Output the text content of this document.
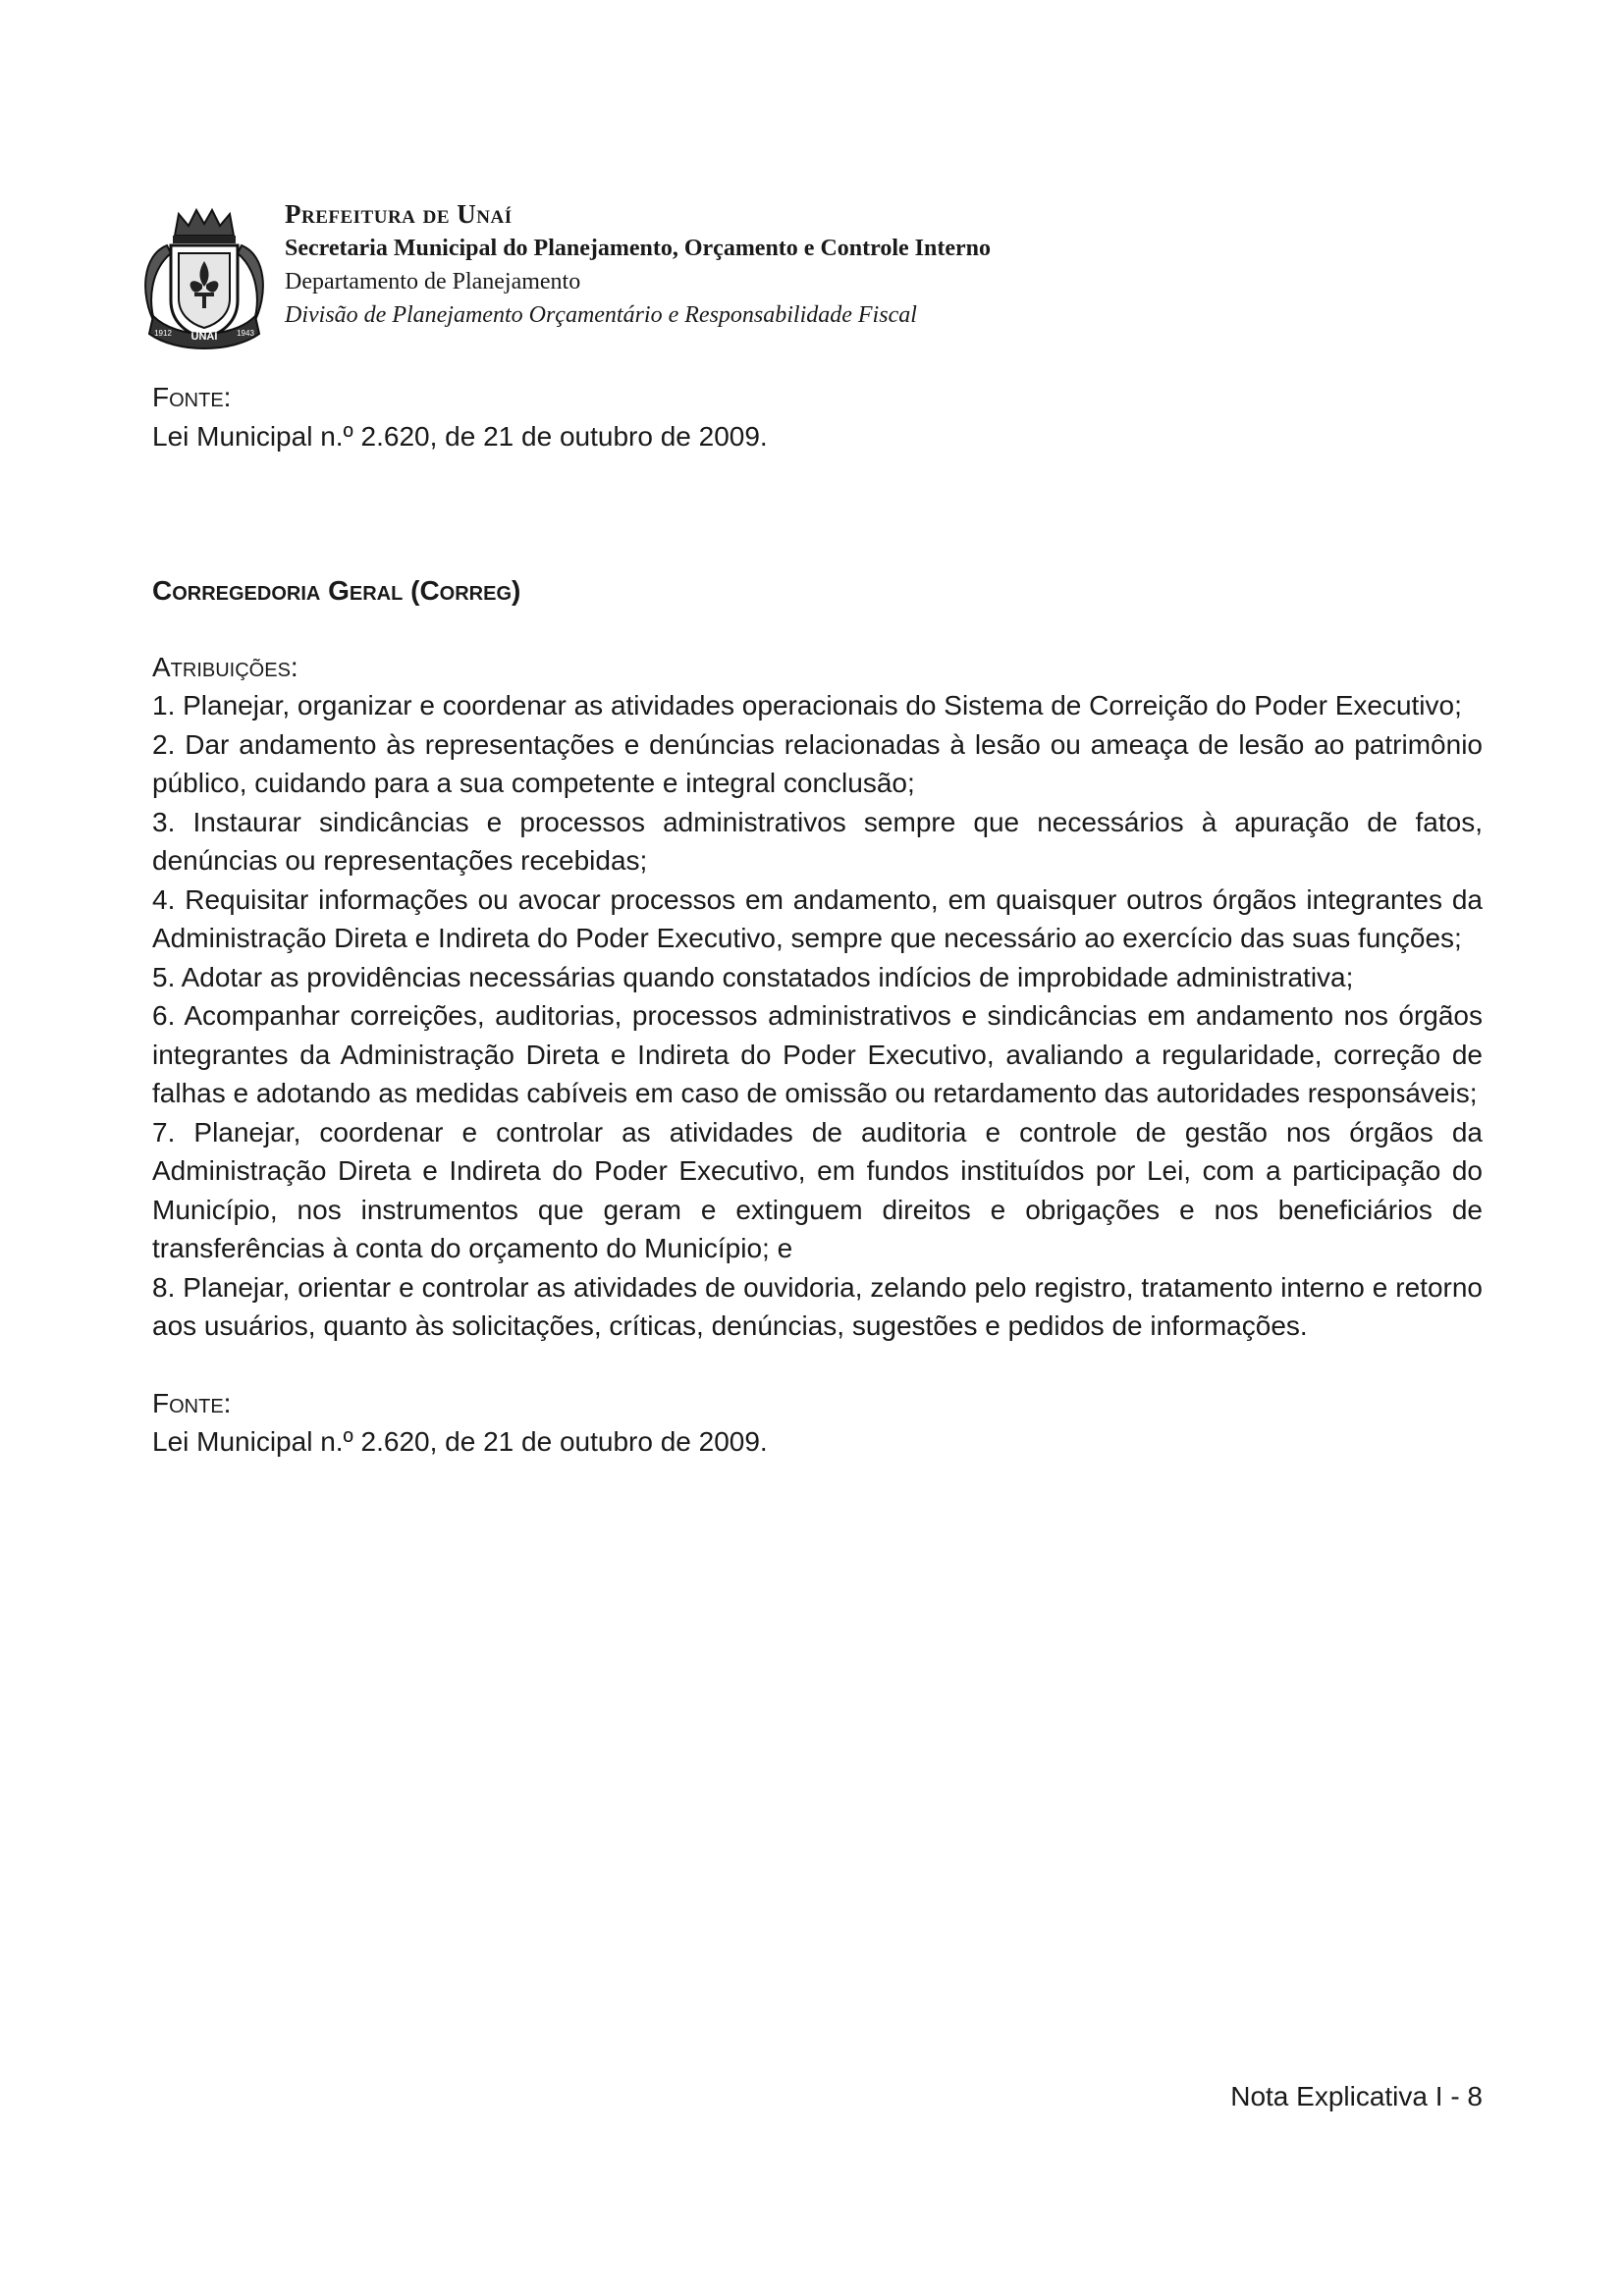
UNAÍ
1912	1943
Prefeitura de Unaí
Secretaria Municipal do Planejamento, Orçamento e Controle Interno
Departamento de Planejamento
Divisão de Planejamento Orçamentário e Responsabilidade Fiscal

Fonte:

Lei Municipal n.º 2.620, de 21 de outubro de 2009.

Corregedoria Geral (Correg)

Atribuições:

1. Planejar, organizar e coordenar as atividades operacionais do Sistema de Correição do Poder Executivo;

2. Dar andamento às representações e denúncias relacionadas à lesão ou ameaça de lesão ao patrimônio público, cuidando para a sua competente e integral conclusão;

3. Instaurar sindicâncias e processos administrativos sempre que necessários à apuração de fatos, denúncias ou representações recebidas;

4. Requisitar informações ou avocar processos em andamento, em quaisquer outros órgãos integrantes da Administração Direta e Indireta do Poder Executivo, sempre que necessário ao exercício das suas funções;

5. Adotar as providências necessárias quando constatados indícios de improbidade administrativa;

6. Acompanhar correições, auditorias, processos administrativos e sindicâncias em andamento nos órgãos integrantes da Administração Direta e Indireta do Poder Executivo, avaliando a regularidade, correção de falhas e adotando as medidas cabíveis em caso de omissão ou retardamento das autoridades responsáveis;

7. Planejar, coordenar e controlar as atividades de auditoria e controle de gestão nos órgãos da Administração Direta e Indireta do Poder Executivo, em fundos instituídos por Lei, com a participação do Município, nos instrumentos que geram e extinguem direitos e obrigações e nos beneficiários de transferências à conta do orçamento do Município; e

8. Planejar, orientar e controlar as atividades de ouvidoria, zelando pelo registro, tratamento interno e retorno aos usuários, quanto às solicitações, críticas, denúncias, sugestões e pedidos de informações.

Fonte:

Lei Municipal n.º 2.620, de 21 de outubro de 2009.

Nota Explicativa I - 8
